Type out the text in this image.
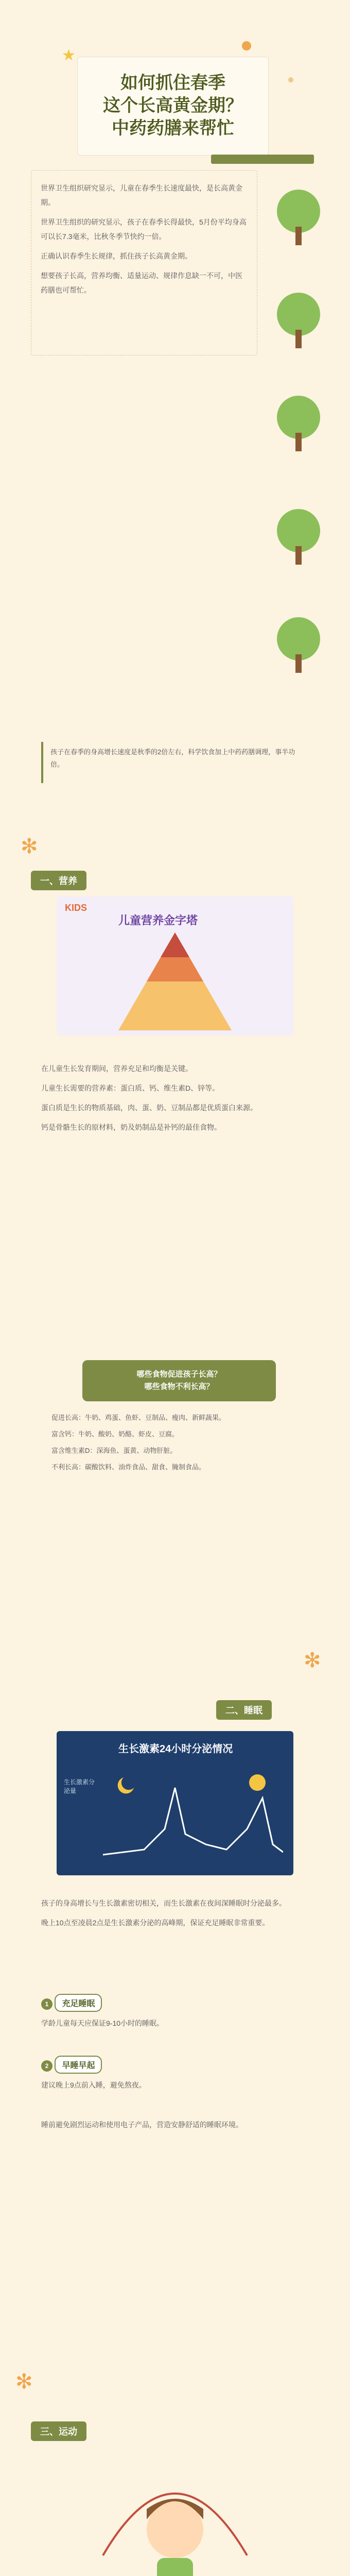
★
如何抓住春季
这个长高黄金期？
中药药膳来帮忙

世界卫生组织研究显示，儿童在春季生长速度最快，是长高黄金期。

世界卫生组织的研究显示，孩子在春季长得最快，5月份平均身高可以长7.3毫米，比秋冬季节快约一倍。

正确认识春季生长规律，抓住孩子长高黄金期。

想要孩子长高，营养均衡、适量运动、规律作息缺一不可，中医药膳也可帮忙。

孩子在春季的身高增长速度是秋季的2倍左右，科学饮食加上中药药膳调理，事半功倍。

✻
一、营养
KIDS
儿童营养金字塔

在儿童生长发育期间，营养充足和均衡是关键。

儿童生长需要的营养素：蛋白质、钙、维生素D、锌等。

蛋白质是生长的物质基础，肉、蛋、奶、豆制品都是优质蛋白来源。

钙是骨骼生长的原材料，奶及奶制品是补钙的最佳食物。

哪些食物促进孩子长高？
哪些食物不利长高？

促进长高：牛奶、鸡蛋、鱼虾、豆制品、瘦肉、新鲜蔬果。

富含钙：牛奶、酸奶、奶酪、虾皮、豆腐。

富含维生素D：深海鱼、蛋黄、动物肝脏。

不利长高：碳酸饮料、油炸食品、甜食、腌制食品。

✻
二、睡眠
生长激素24小时分泌情况
生长激素分泌量

孩子的身高增长与生长激素密切相关，而生长激素在夜间深睡眠时分泌最多。

晚上10点至凌晨2点是生长激素分泌的高峰期，保证充足睡眠非常重要。

1 充足睡眠

学龄儿童每天应保证9-10小时的睡眠。

2 早睡早起

建议晚上9点前入睡，避免熬夜。

睡前避免剧烈运动和使用电子产品，营造安静舒适的睡眠环境。

✻
三、运动
